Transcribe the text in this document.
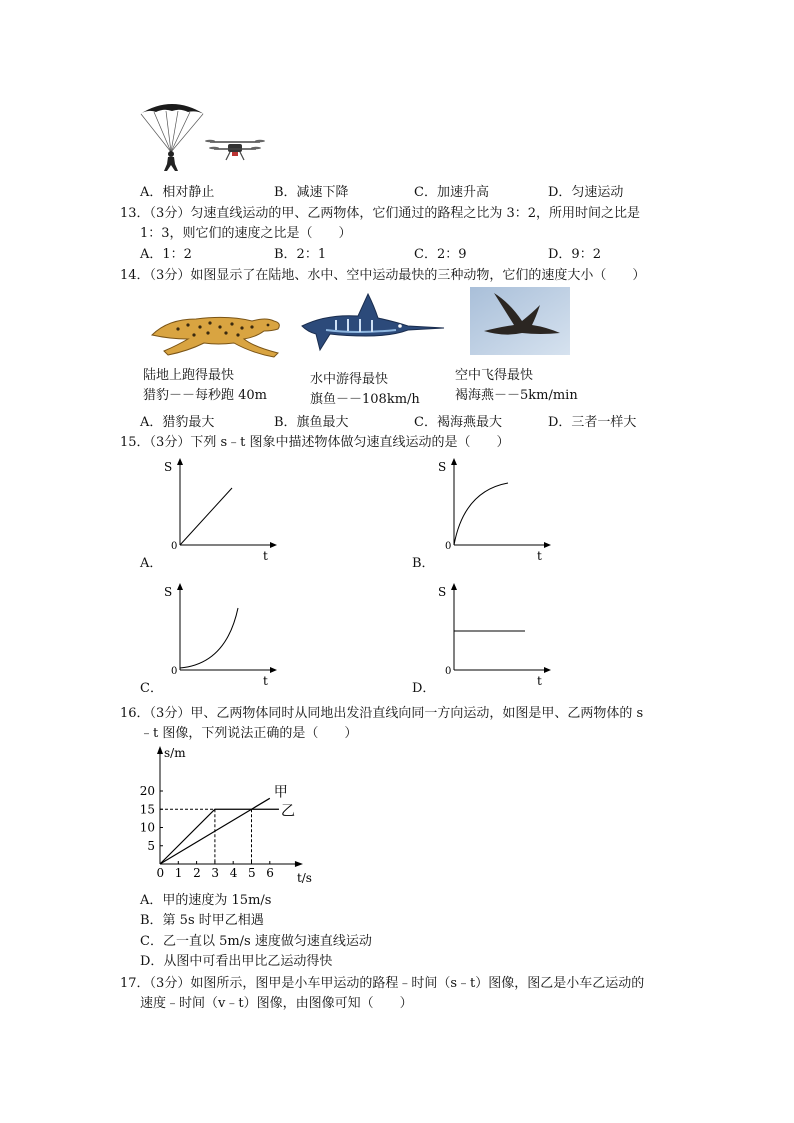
A．相对静止	B．减速下降	C．加速升高	D．匀速运动
13．（3分）匀速直线运动的甲、乙两物体，它们通过的路程之比为 3：2，所用时间之比是
1：3，则它们的速度之比是（　　）
A．1：2	B．2：1	C．2：9	D．9：2
14．（3分）如图显示了在陆地、水中、空中运动最快的三种动物，它们的速度大小（　　）
陆地上跑得最快
猎豹－－每秒跑 40m
水中游得最快
旗鱼－－108km/h
空中飞得最快
褐海燕－－5km/min
A．猎豹最大	B．旗鱼最大	C．褐海燕最大	D．三者一样大
15．（3分）下列 s﹣t 图象中描述物体做匀速直线运动的是（　　）
A．
S
0
t	B．
S
0
t
C．
S
0
t	D．
S
0
t
16．（3分）甲、乙两物体同时从同地出发沿直线向同一方向运动，如图是甲、乙两物体的 s
﹣t 图像，下列说法正确的是（　　）
s/m
t/s
0 1 2 3 4 5 6
5
10
15
20	甲
乙
A．甲的速度为 15m/s
B．第 5s 时甲乙相遇
C．乙一直以 5m/s 速度做匀速直线运动
D．从图中可看出甲比乙运动得快
17．（3分）如图所示，图甲是小车甲运动的路程﹣时间（s﹣t）图像，图乙是小车乙运动的
速度﹣时间（v﹣t）图像，由图像可知（　　）
